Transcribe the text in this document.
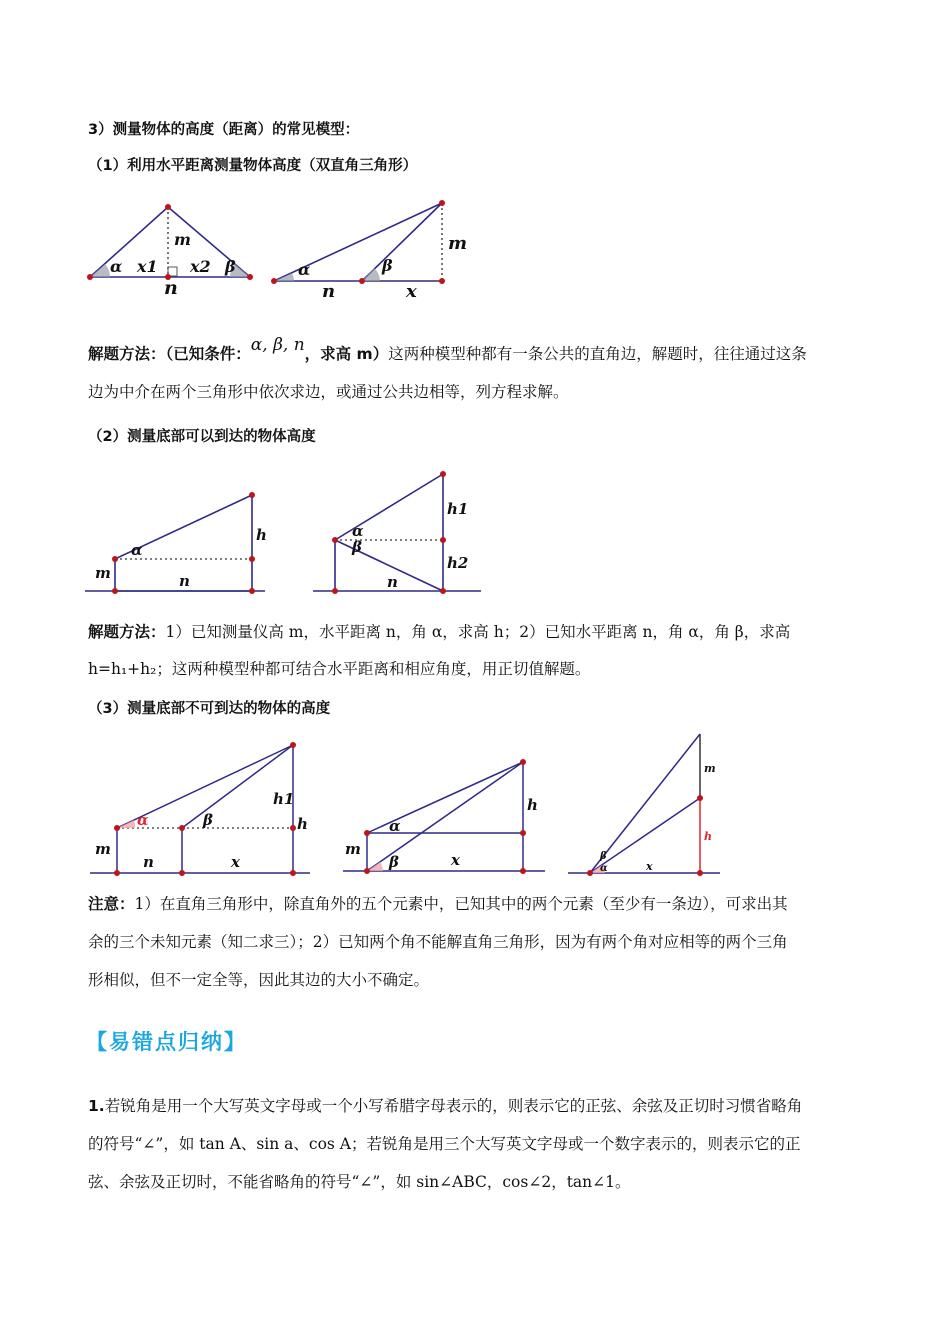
3）测量物体的高度（距离）的常见模型：
（1）利用水平距离测量物体高度（双直角三角形）
m
α x1 x2 β
n
α	β
m
n	x
解题方法：（已知条件：α, β, n，求高 m）这两种模型种都有一条公共的直角边，解题时，往往通过这条
边为中介在两个三角形中依次求边，或通过公共边相等，列方程求解。
（2）测量底部可以到达的物体高度
α
h
m	n
α
β
h1
h2
n
解题方法：1）已知测量仪高 m，水平距离 n，角 α，求高 h；2）已知水平距离 n，角 α，角 β，求高
h=h₁+h₂；这两种模型种都可结合水平距离和相应角度，用正切值解题。
（3）测量底部不可到达的物体的高度
α	β
h1
h
m
n	x
α
β
h
m
x
m
h
x
α
β
注意：1）在直角三角形中，除直角外的五个元素中，已知其中的两个元素（至少有一条边），可求出其
余的三个未知元素（知二求三）；2）已知两个角不能解直角三角形，因为有两个角对应相等的两个三角
形相似，但不一定全等，因此其边的大小不确定。
【易错点归纳】
1.若锐角是用一个大写英文字母或一个小写希腊字母表示的，则表示它的正弦、余弦及正切时习惯省略角
的符号“∠”，如 tan A、sin a、cos A；若锐角是用三个大写英文字母或一个数字表示的，则表示它的正
弦、余弦及正切时，不能省略角的符号“∠”，如 sin∠ABC，cos∠2，tan∠1。
